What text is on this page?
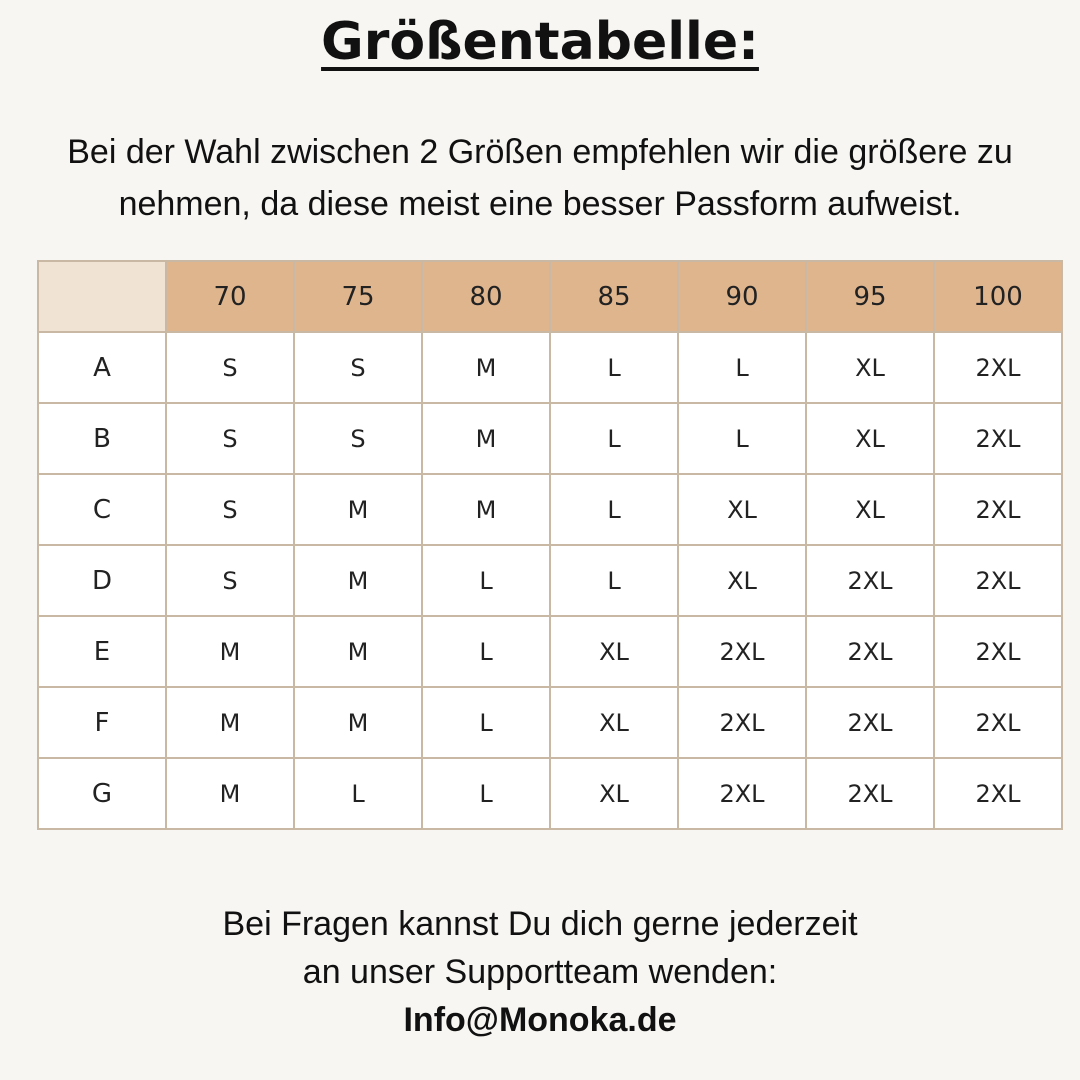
Größentabelle:
Bei der Wahl zwischen 2 Größen empfehlen wir die größere zu
nehmen, da diese meist eine besser Passform aufweist.
	70	75	80	85	90	95	100
A	S	S	M	L	L	XL	2XL
B	S	S	M	L	L	XL	2XL
C	S	M	M	L	XL	XL	2XL
D	S	M	L	L	XL	2XL	2XL
E	M	M	L	XL	2XL	2XL	2XL
F	M	M	L	XL	2XL	2XL	2XL
G	M	L	L	XL	2XL	2XL	2XL
Bei Fragen kannst Du dich gerne jederzeit
an unser Supportteam wenden:
Info@Monoka.de
